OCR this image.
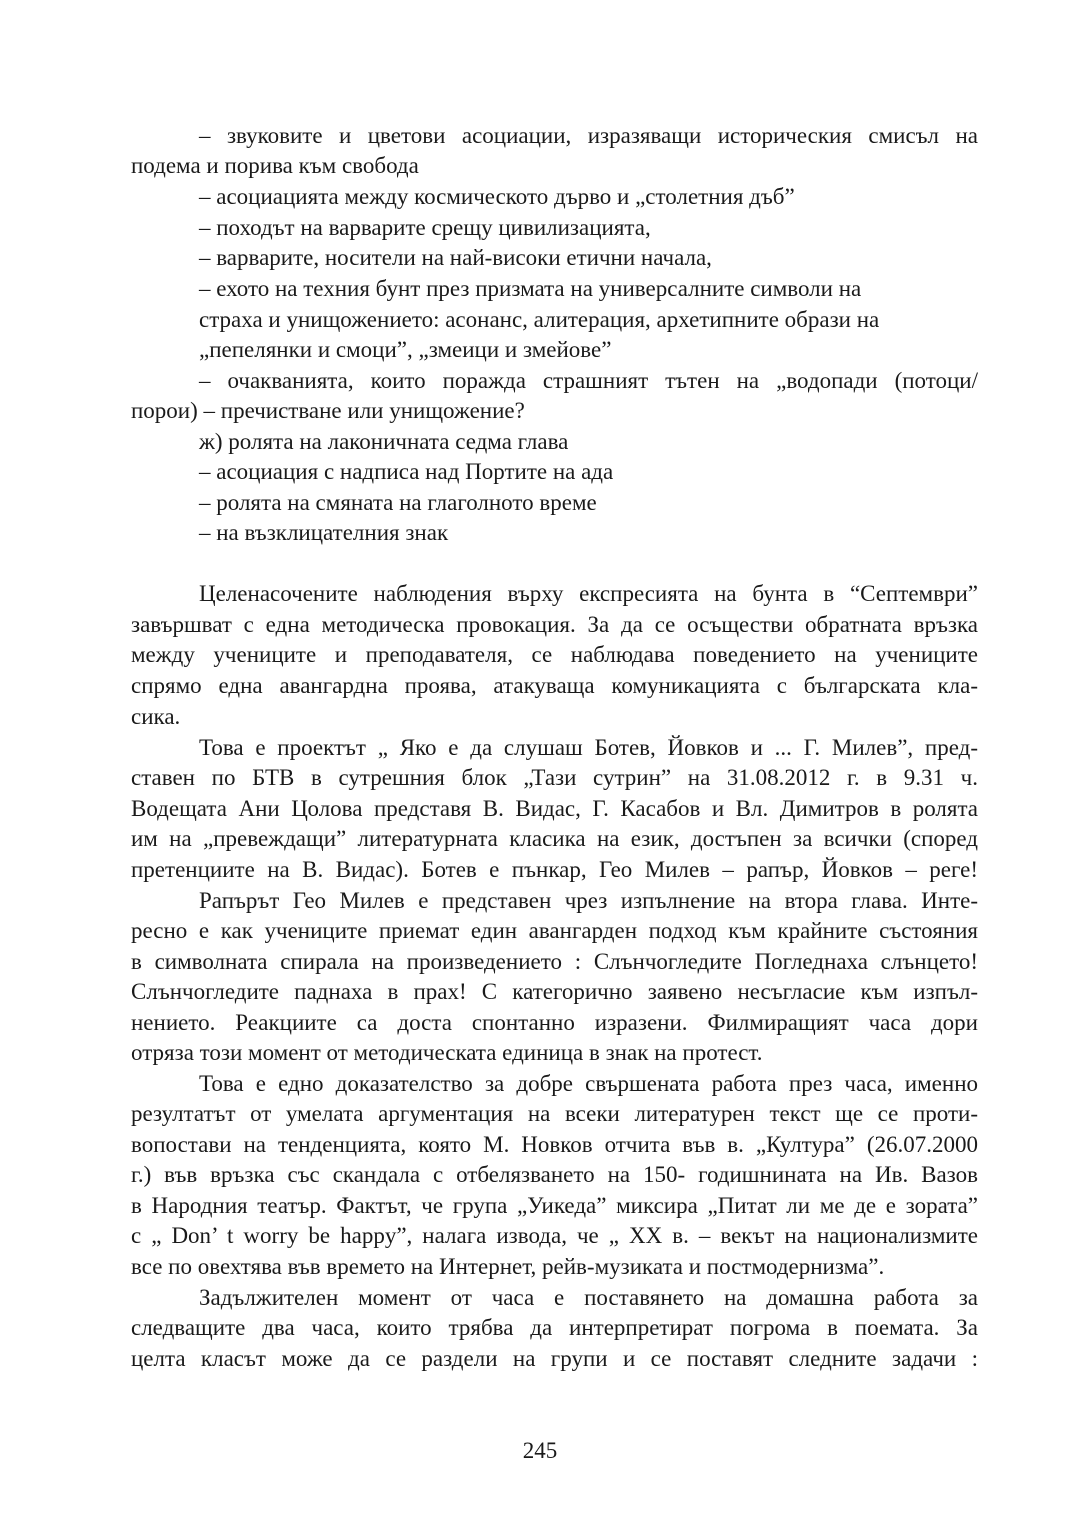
– звуковите и цветови асоциации, изразяващи историческия смисъл на
подема и порива към свобода
– асоциацията между космическото дърво и „столетния дъб”
– походът на варварите срещу цивилизацията,
– варварите, носители на най-високи етични начала,
– ехото на техния бунт през призмата на универсалните символи на
страха и унищожението: асонанс, алитерация, архетипните образи на
„пепелянки и смоци”, „змеици и змейове”
– очакванията, които поражда страшният тътен на „водопади (потоци/
порои) – пречистване или унищожение?
ж) ролята на лаконичната седма глава
– асоциация с надписа над Портите на ада
– ролята на смяната на глаголното време
– на възклицателния знак
Целенасочените наблюдения върху експресията на бунта в “Септември”
завършват с една методическа провокация. За да се осъществи обратната връзка
между учениците и преподавателя, се наблюдава поведението на учениците
спрямо една авангардна проява, атакуваща комуникацията с българската кла-
сика.
Това е проектът „ Яко е да слушаш Ботев, Йовков и ... Г. Милев”, пред-
ставен по БТВ в сутрешния блок „Тази сутрин” на 31.08.2012 г. в 9.31 ч.
Водещата Ани Цолова представя В. Видас, Г. Касабов и Вл. Димитров в ролята
им на „превеждащи” литературната класика на език, достъпен за всички (според
претенциите на В. Видас). Ботев е пънкар, Гео Милев – рапър, Йовков – реге!
Рапърът Гео Милев е представен чрез изпълнение на втора глава. Инте-
ресно е как учениците приемат един авангарден подход към крайните състояния
в символната спирала на произведението : Слънчогледите Погледнаха слънцето!
Слънчогледите паднаха в прах! С категорично заявено несъгласие към изпъл-
нението. Реакциите са доста спонтанно изразени. Филмиращият часа дори
отряза този момент от методическата единица в знак на протест.
Това е едно доказателство за добре свършената работа през часа, именно
резултатът от умелата аргументация на всеки литературен текст ще се проти-
вопостави на тенденцията, която М. Новков отчита във в. „Култура” (26.07.2000
г.) във връзка със скандала с отбелязването на 150- годишнината на Ив. Вазов
в Народния театър. Фактът, че група „Уикеда” миксира „Питат ли ме де е зората”
с „ Don’ t worry be happy”, налага извода, че „ XX в. – векът на национализмите
все по овехтява във времето на Интернет, рейв-музиката и постмодернизма”.
Задължителен момент от часа е поставянето на домашна работа за
следващите два часа, които трябва да интерпретират погрома в поемата. За
целта класът може да се раздели на групи и се поставят следните задачи :
245
